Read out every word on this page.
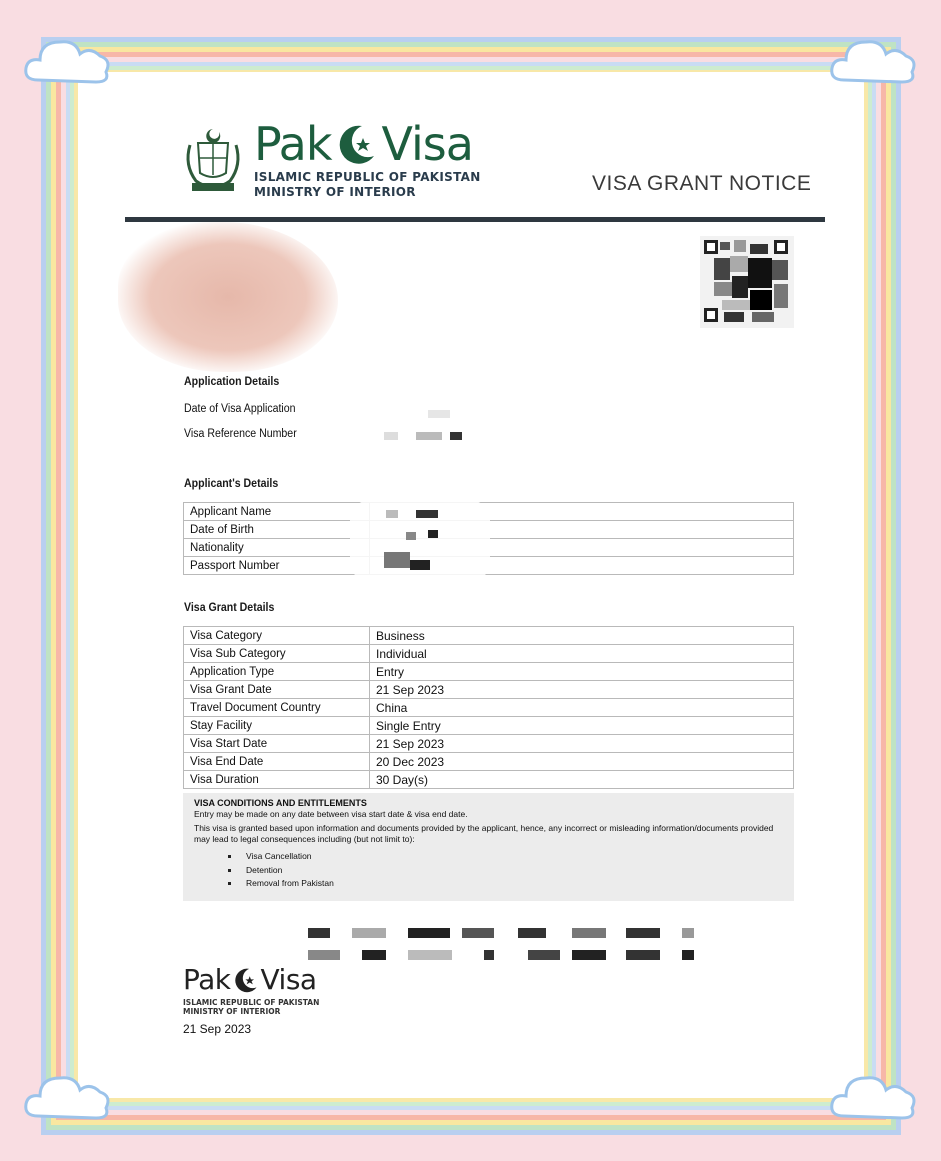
Pak Visa
ISLAMIC REPUBLIC OF PAKISTAN
MINISTRY OF INTERIOR	VISA GRANT NOTICE
Application Details
Date of Visa Application
Visa Reference Number
Applicant's Details
Applicant Name	
Date of Birth	
Nationality	
Passport Number	
Visa Grant Details
Visa Category	Business
Visa Sub Category	Individual
Application Type	Entry
Visa Grant Date	21 Sep 2023
Travel Document Country	China
Stay Facility	Single Entry
Visa Start Date	21 Sep 2023
Visa End Date	20 Dec 2023
Visa Duration	30 Day(s)
VISA CONDITIONS AND ENTITLEMENTS
Entry may be made on any date between visa start date & visa end date.
This visa is granted based upon information and documents provided by the applicant, hence, any incorrect or misleading information/documents provided may lead to legal consequences including (but not limit to):
Visa Cancellation
Detention
Removal from Pakistan
Pak Visa
ISLAMIC REPUBLIC OF PAKISTAN
MINISTRY OF INTERIOR
21 Sep 2023
